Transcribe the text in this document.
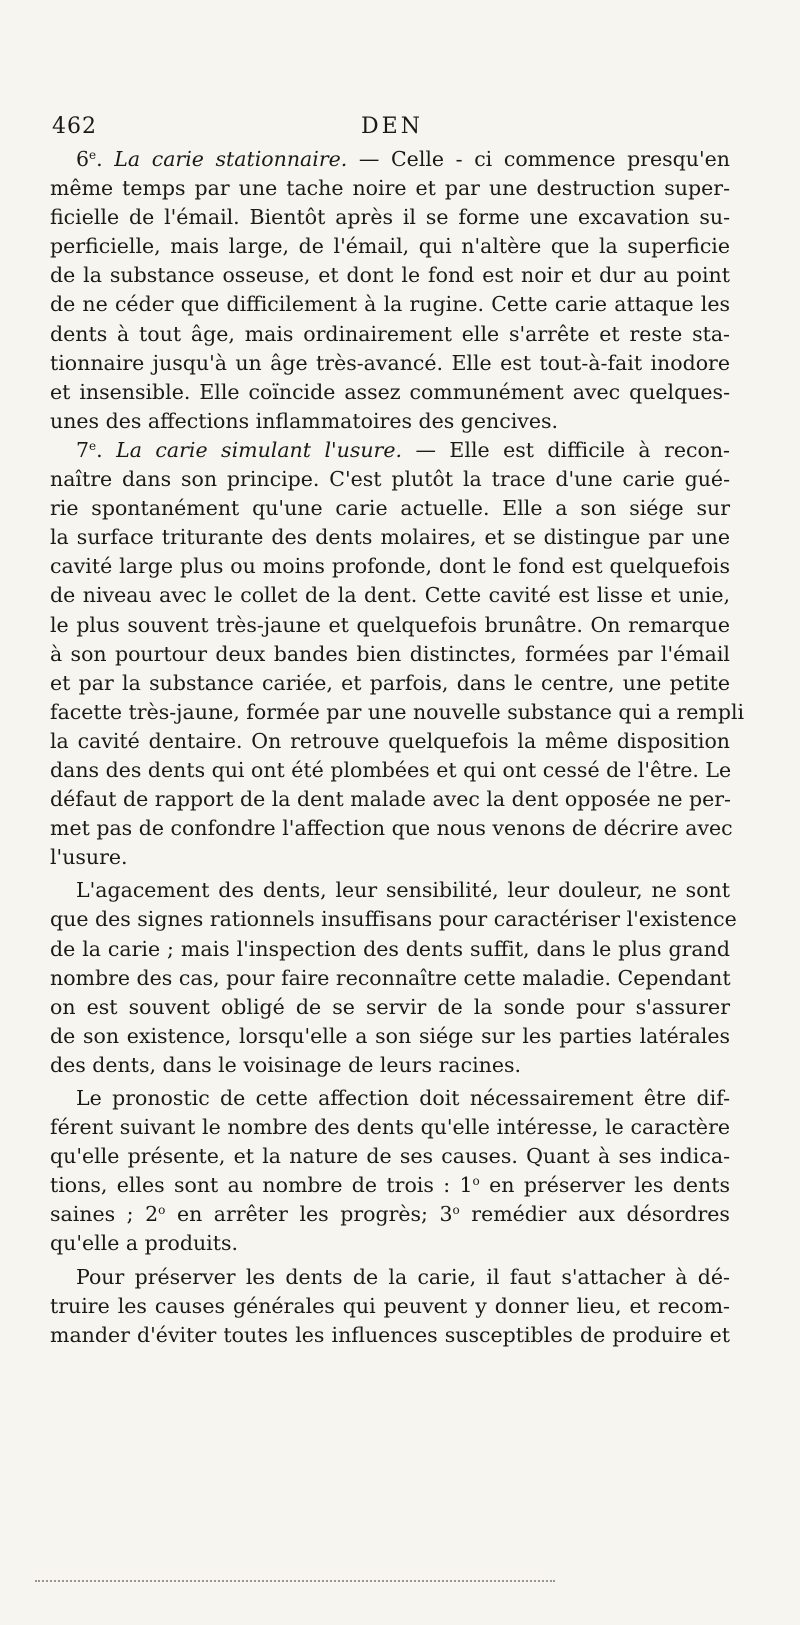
462	DEN
6e. La carie stationnaire. — Celle - ci commence presqu'en
même temps par une tache noire et par une destruction super-
ficielle de l'émail. Bientôt après il se forme une excavation su-
perficielle, mais large, de l'émail, qui n'altère que la superficie
de la substance osseuse, et dont le fond est noir et dur au point
de ne céder que difficilement à la rugine. Cette carie attaque les
dents à tout âge, mais ordinairement elle s'arrête et reste sta-
tionnaire jusqu'à un âge très-avancé. Elle est tout-à-fait inodore
et insensible. Elle coïncide assez communément avec quelques-
unes des affections inflammatoires des gencives.
7e. La carie simulant l'usure. — Elle est difficile à recon-
naître dans son principe. C'est plutôt la trace d'une carie gué-
rie spontanément qu'une carie actuelle. Elle a son siége sur
la surface triturante des dents molaires, et se distingue par une
cavité large plus ou moins profonde, dont le fond est quelquefois
de niveau avec le collet de la dent. Cette cavité est lisse et unie,
le plus souvent très-jaune et quelquefois brunâtre. On remarque
à son pourtour deux bandes bien distinctes, formées par l'émail
et par la substance cariée, et parfois, dans le centre, une petite
facette très-jaune, formée par une nouvelle substance qui a rempli
la cavité dentaire. On retrouve quelquefois la même disposition
dans des dents qui ont été plombées et qui ont cessé de l'être. Le
défaut de rapport de la dent malade avec la dent opposée ne per-
met pas de confondre l'affection que nous venons de décrire avec
l'usure.
L'agacement des dents, leur sensibilité, leur douleur, ne sont
que des signes rationnels insuffisans pour caractériser l'existence
de la carie ; mais l'inspection des dents suffit, dans le plus grand
nombre des cas, pour faire reconnaître cette maladie. Cependant
on est souvent obligé de se servir de la sonde pour s'assurer
de son existence, lorsqu'elle a son siége sur les parties latérales
des dents, dans le voisinage de leurs racines.
Le pronostic de cette affection doit nécessairement être dif-
férent suivant le nombre des dents qu'elle intéresse, le caractère
qu'elle présente, et la nature de ses causes. Quant à ses indica-
tions, elles sont au nombre de trois : 1$^o$ en préserver les dents
saines ; 2$^o$ en arrêter les progrès; 3$^o$ remédier aux désordres
qu'elle a produits.
Pour préserver les dents de la carie, il faut s'attacher à dé-
truire les causes générales qui peuvent y donner lieu, et recom-
mander d'éviter toutes les influences susceptibles de produire et
